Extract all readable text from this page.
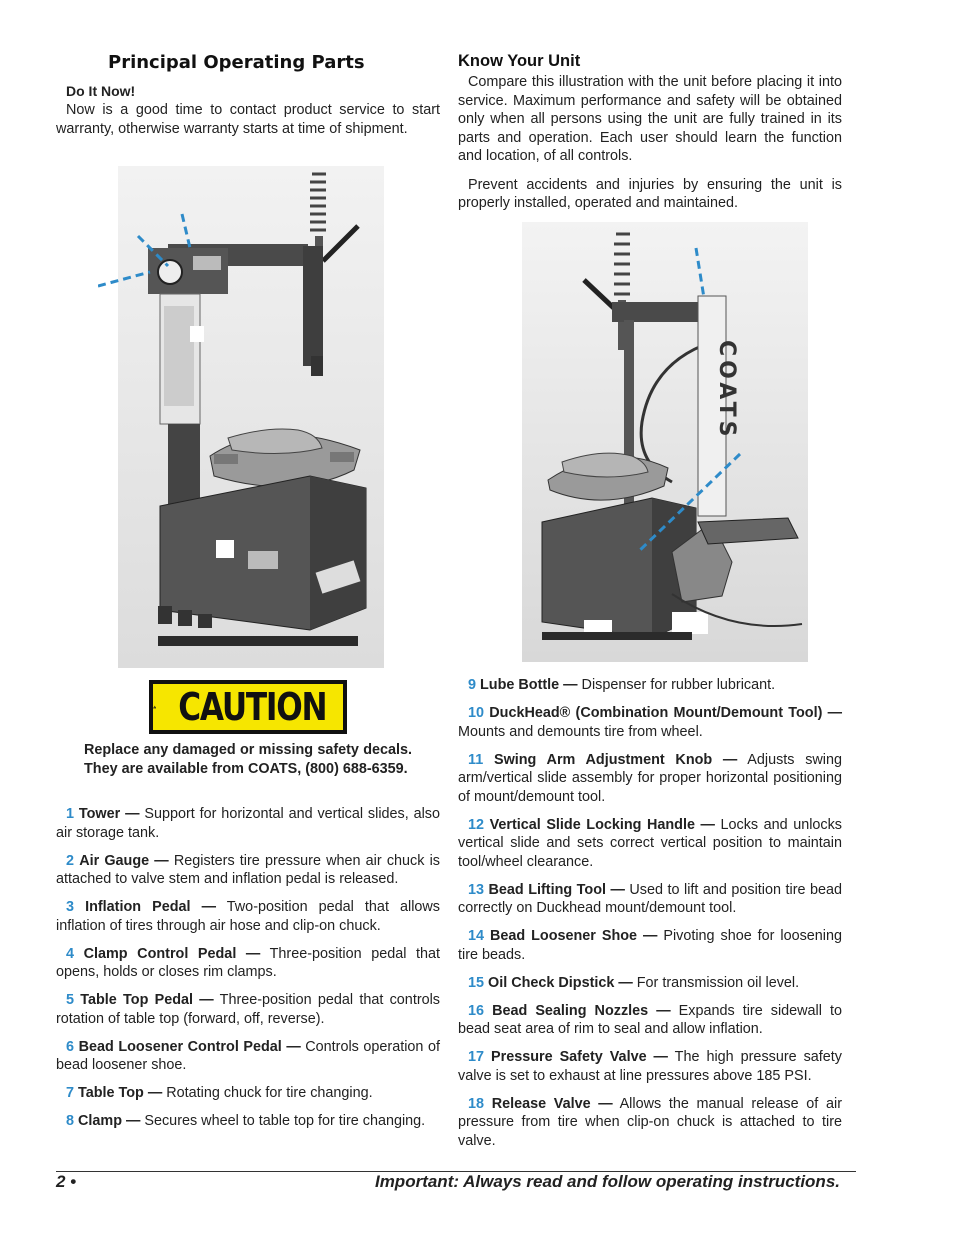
Principal Operating Parts
Do It Now!

Now is a good time to contact product service to start warranty, otherwise warranty starts at time of shipment.

Know Your Unit

Compare this illustration with the unit before placing it into service. Maximum performance and safety will be obtained only when all persons using the unit are fully trained in its parts and operation. Each user should learn the function and location, of all controls.

Prevent accidents and injuries by ensuring the unit is properly installed, operated and maintained.

COATS
CAUTION
Replace any damaged or missing safety decals. They are available from COATS, (800) 688-6359.

1 Tower — Support for horizontal and vertical slides, also air storage tank.

2 Air Gauge — Registers tire pressure when air chuck is attached to valve stem and inflation pedal is released.

3 Inflation Pedal — Two-position pedal that allows inflation of tires through air hose and clip-on chuck.

4 Clamp Control Pedal — Three-position pedal that opens, holds or closes rim clamps.

5 Table Top Pedal — Three-position pedal that controls rotation of table top (forward, off, reverse).

6 Bead Loosener Control Pedal — Controls operation of bead loosener shoe.

7 Table Top — Rotating chuck for tire changing.

8 Clamp — Secures wheel to table top for tire changing.

9 Lube Bottle — Dispenser for rubber lubricant.

10 DuckHead® (Combination Mount/Demount Tool) — Mounts and demounts tire from wheel.

11 Swing Arm Adjustment Knob — Adjusts swing arm/vertical slide assembly for proper horizontal positioning of mount/demount tool.

12 Vertical Slide Locking Handle — Locks and unlocks vertical slide and sets correct vertical position to maintain tool/wheel clearance.

13 Bead Lifting Tool — Used to lift and position tire bead correctly on Duckhead mount/demount tool.

14 Bead Loosener Shoe — Pivoting shoe for loosening tire beads.

15 Oil Check Dipstick — For transmission oil level.

16 Bead Sealing Nozzles — Expands tire sidewall to bead seat area of rim to seal and allow inflation.

17 Pressure Safety Valve — The high pressure safety valve is set to exhaust at line pressures above 185 PSI.

18 Release Valve — Allows the manual release of air pressure from tire when clip-on chuck is attached to tire valve.

2 •	Important: Always read and follow operating instructions.
